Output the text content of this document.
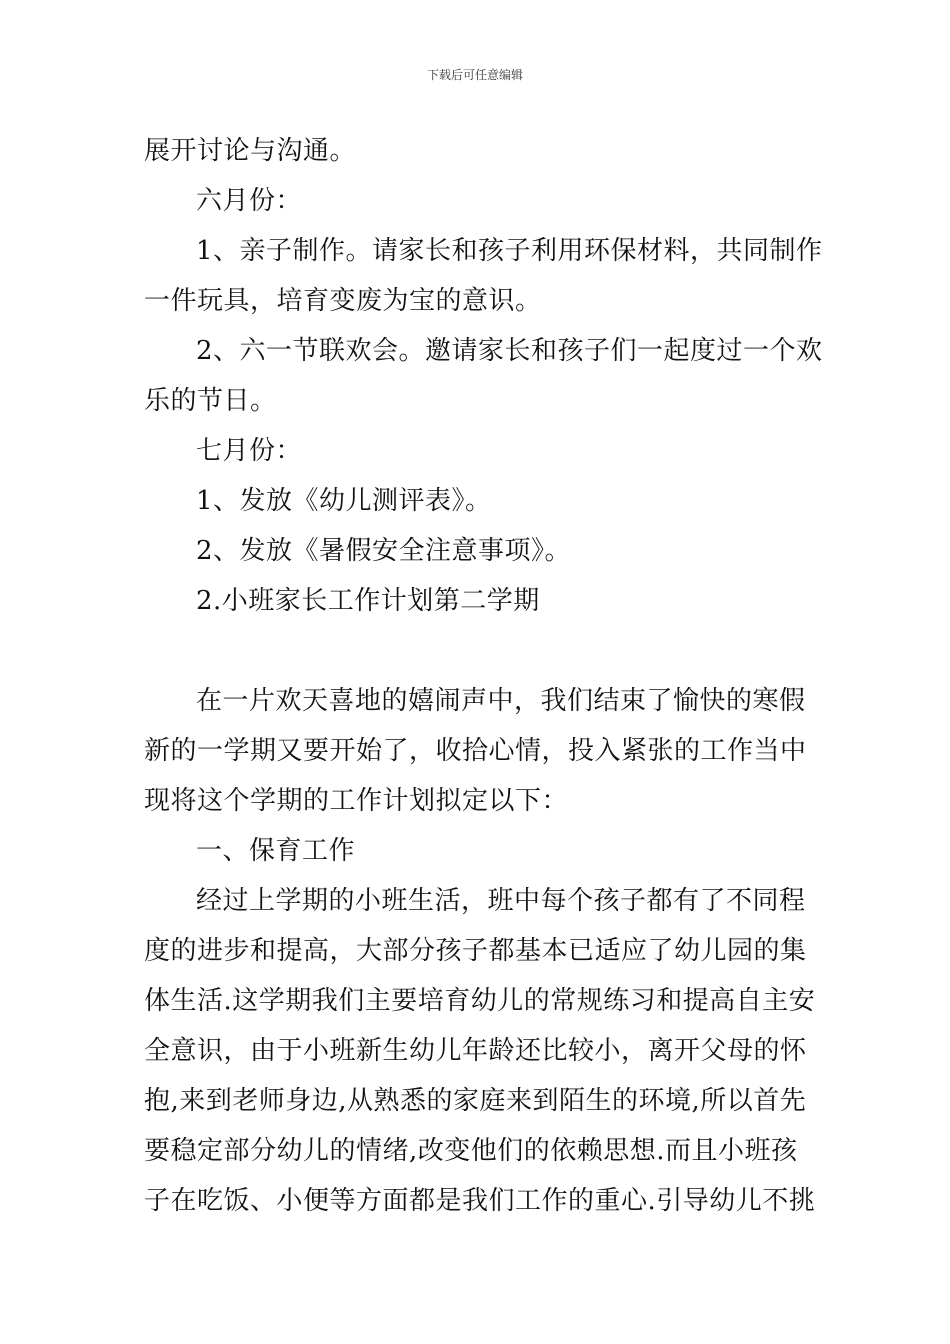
下载后可任意编辑
展开讨论与沟通。
六月份：
1、亲子制作。请家长和孩子利用环保材料，共同制作
一件玩具，培育变废为宝的意识。
2、六一节联欢会。邀请家长和孩子们一起度过一个欢
乐的节日。
七月份：
1、发放《幼儿测评表》。
2、发放《暑假安全注意事项》。
2.小班家长工作计划第二学期
在一片欢天喜地的嬉闹声中，我们结束了愉快的寒假
新的一学期又要开始了，收拾心情，投入紧张的工作当中
现将这个学期的工作计划拟定以下：
一、保育工作
经过上学期的小班生活，班中每个孩子都有了不同程
度的进步和提高，大部分孩子都基本已适应了幼儿园的集
体生活.这学期我们主要培育幼儿的常规练习和提高自主安
全意识，由于小班新生幼儿年龄还比较小，离开父母的怀
抱,来到老师身边,从熟悉的家庭来到陌生的环境,所以首先
要稳定部分幼儿的情绪,改变他们的依赖思想.而且小班孩
子在吃饭、小便等方面都是我们工作的重心.引导幼儿不挑
